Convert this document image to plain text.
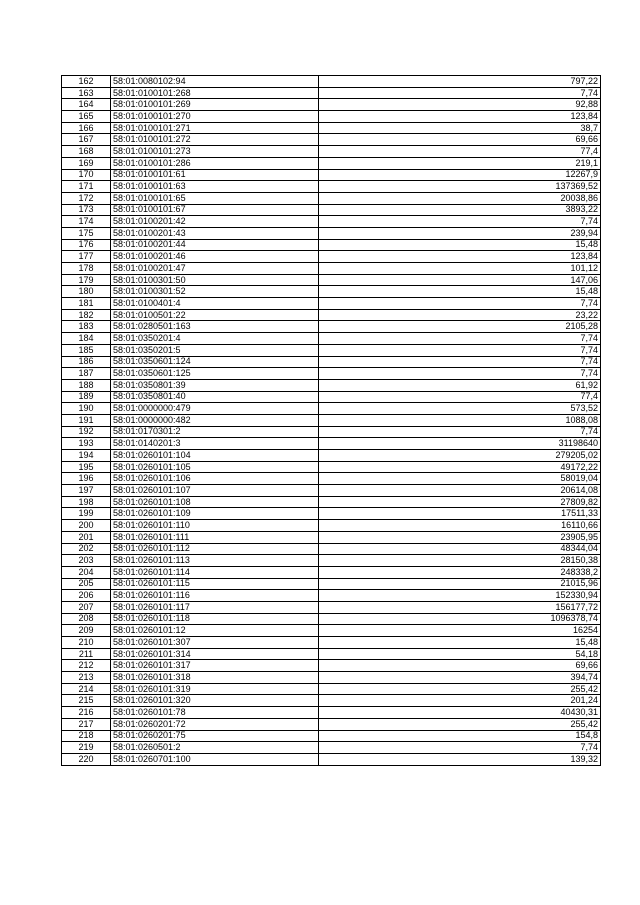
162	58:01:0080102:94	797,22
163	58:01:0100101:268	7,74
164	58:01:0100101:269	92,88
165	58:01:0100101:270	123,84
166	58:01:0100101:271	38,7
167	58:01:0100101:272	69,66
168	58:01:0100101:273	77,4
169	58:01:0100101:286	219,1
170	58:01:0100101:61	12267,9
171	58:01:0100101:63	137369,52
172	58:01:0100101:65	20038,86
173	58:01:0100101:67	3893,22
174	58:01:0100201:42	7,74
175	58:01:0100201:43	239,94
176	58:01:0100201:44	15,48
177	58:01:0100201:46	123,84
178	58:01:0100201:47	101,12
179	58:01:0100301:50	147,06
180	58:01:0100301:52	15,48
181	58:01:0100401:4	7,74
182	58:01:0100501:22	23,22
183	58:01:0280501:163	2105,28
184	58:01:0350201:4	7,74
185	58:01:0350201:5	7,74
186	58:01:0350601:124	7,74
187	58:01:0350601:125	7,74
188	58:01:0350801:39	61,92
189	58:01:0350801:40	77,4
190	58:01:0000000:479	573,52
191	58:01:0000000:482	1088,08
192	58:01:0170301:2	7,74
193	58:01:0140201:3	31198640
194	58:01:0260101:104	279205,02
195	58:01:0260101:105	49172,22
196	58:01:0260101:106	58019,04
197	58:01:0260101:107	20614,08
198	58:01:0260101:108	27809,82
199	58:01:0260101:109	17511,33
200	58:01:0260101:110	16110,66
201	58:01:0260101:111	23905,95
202	58:01:0260101:112	48344,04
203	58:01:0260101:113	28150,38
204	58:01:0260101:114	248338,2
205	58:01:0260101:115	21015,96
206	58:01:0260101:116	152330,94
207	58:01:0260101:117	156177,72
208	58:01:0260101:118	1096378,74
209	58:01:0260101:12	16254
210	58:01:0260101:307	15,48
211	58:01:0260101:314	54,18
212	58:01:0260101:317	69,66
213	58:01:0260101:318	394,74
214	58:01:0260101:319	255,42
215	58:01:0260101:320	201,24
216	58:01:0260101:78	40430,31
217	58:01:0260201:72	255,42
218	58:01:0260201:75	154,8
219	58:01:0260501:2	7,74
220	58:01:0260701:100	139,32
